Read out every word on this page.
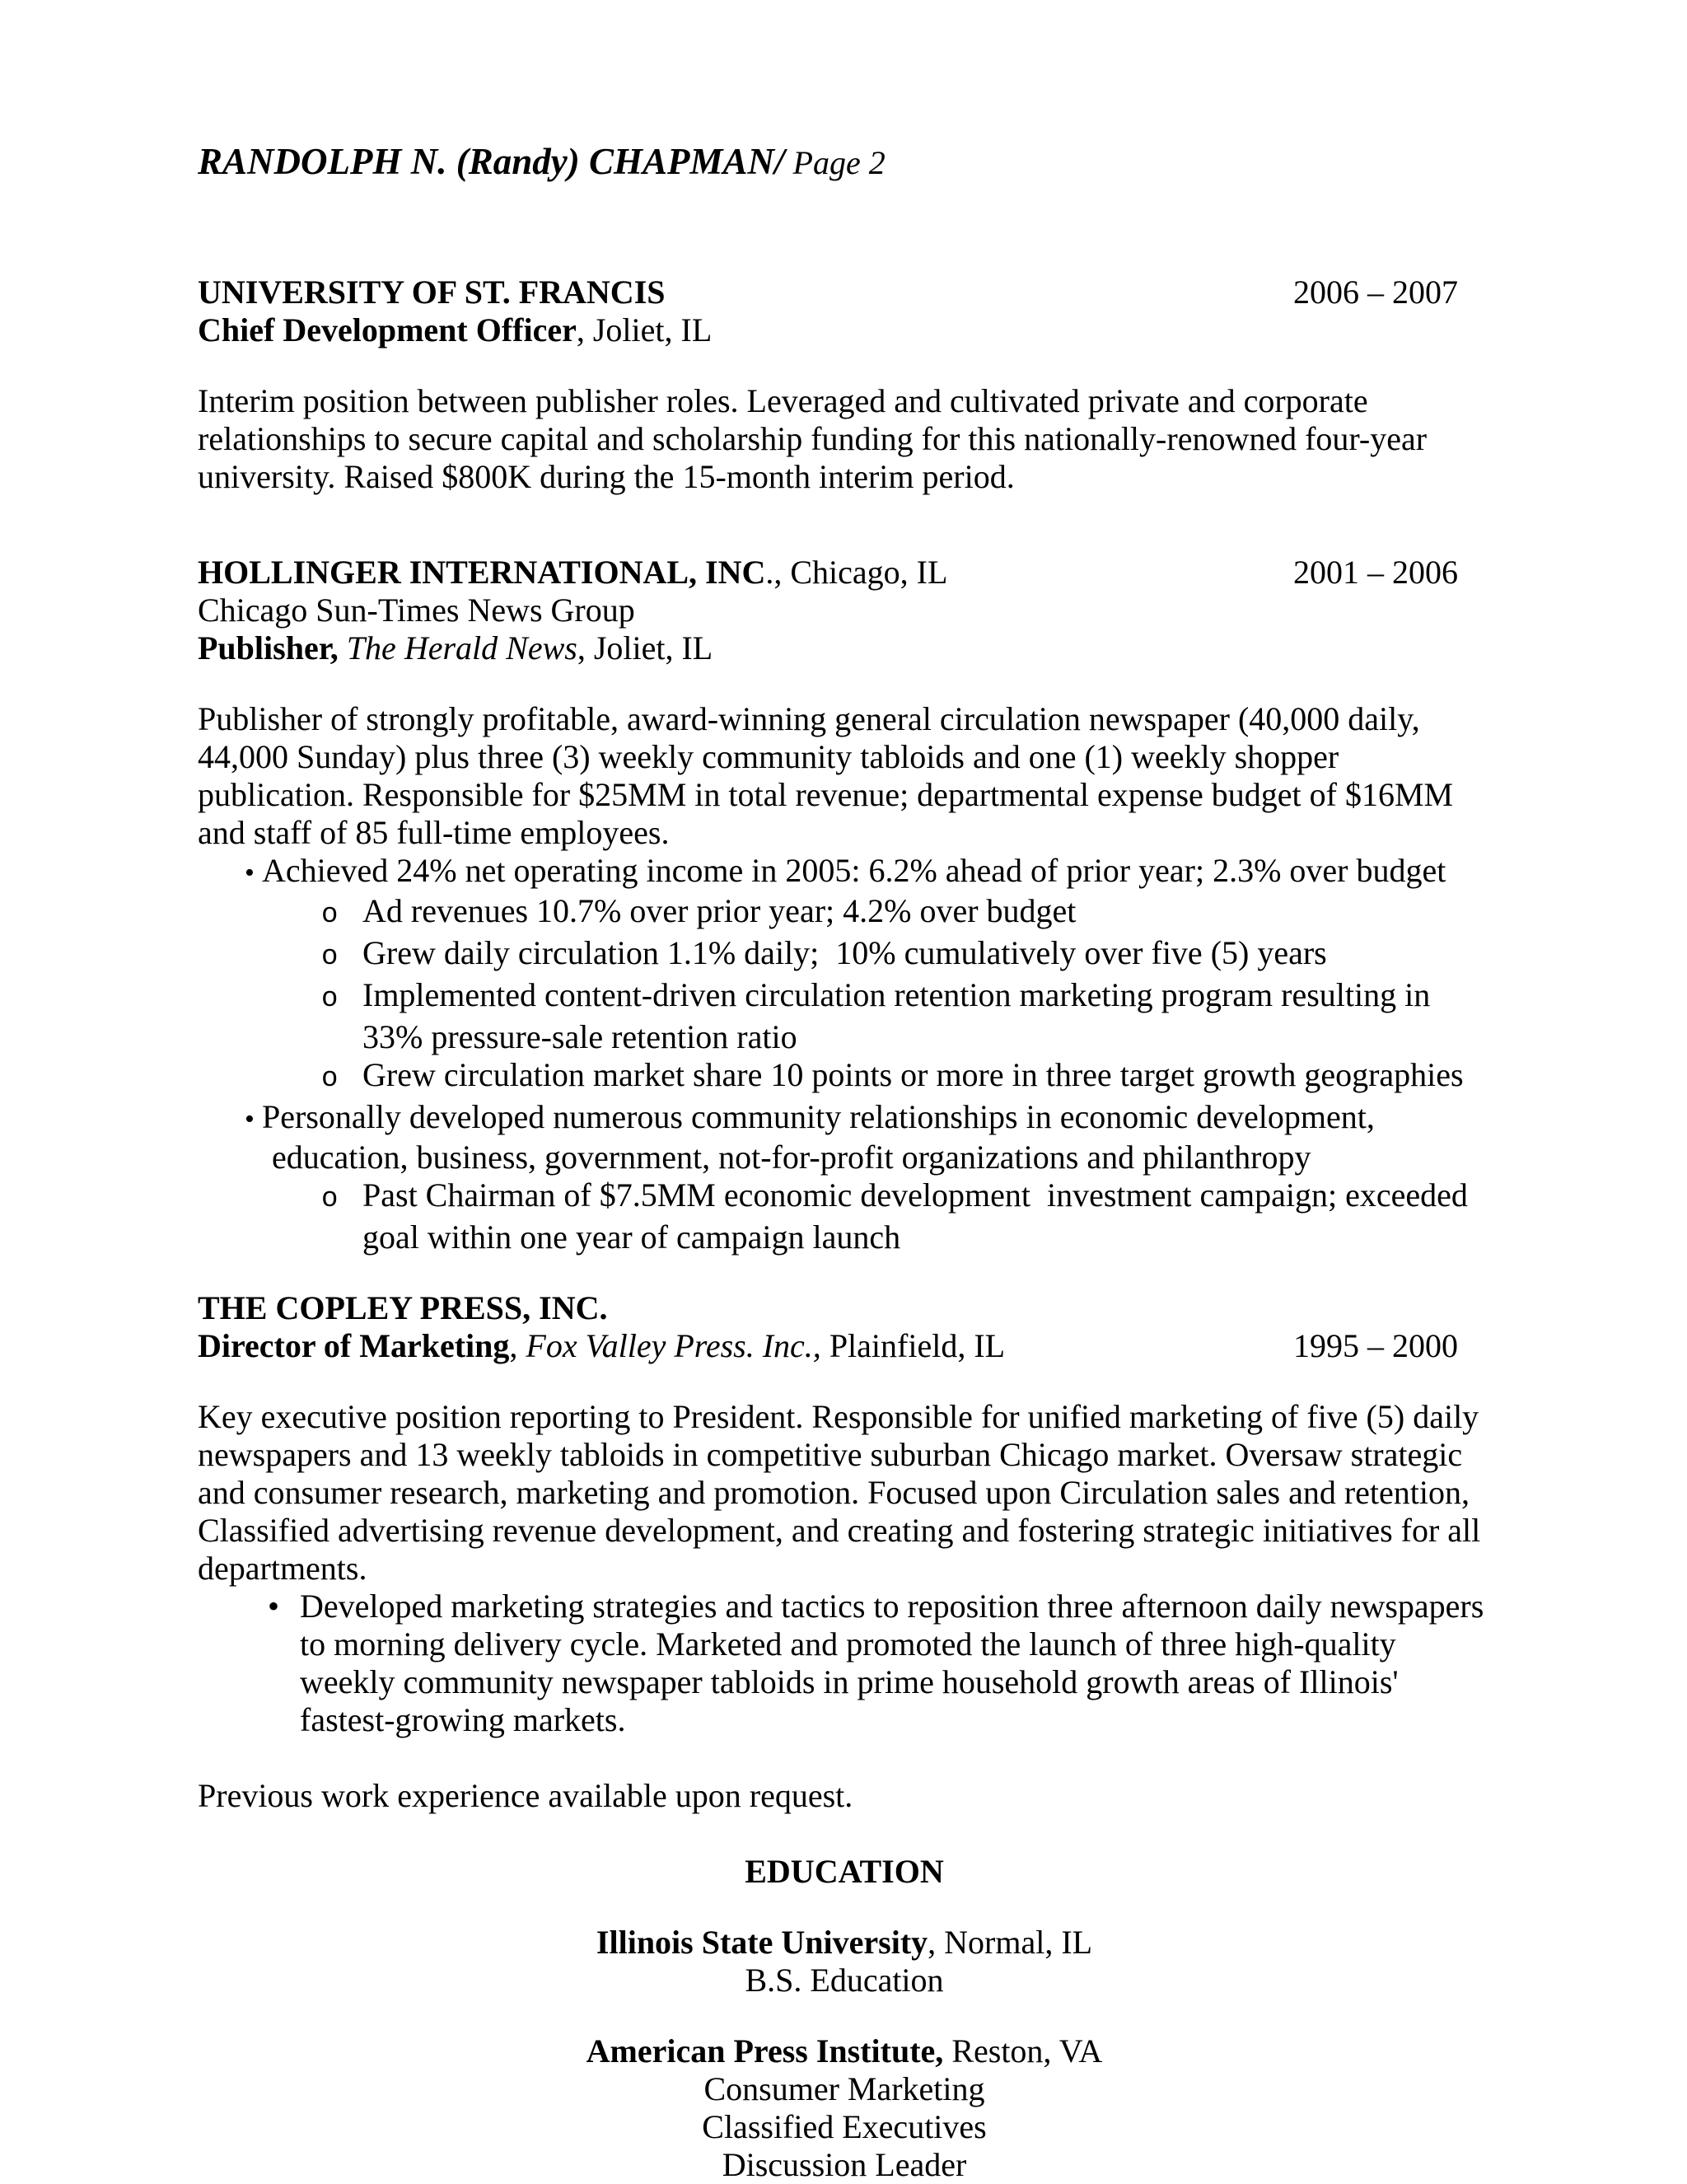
RANDOLPH N. (Randy) CHAPMAN/ Page 2
UNIVERSITY OF ST. FRANCIS	2006 – 2007
Chief Development Officer, Joliet, IL

Interim position between publisher roles. Leveraged and cultivated private and corporate relationships to secure capital and scholarship funding for this nationally-renowned four-year university. Raised $800K during the 15-month interim period.

HOLLINGER INTERNATIONAL, INC., Chicago, IL	2001 – 2006
Chicago Sun-Times News Group
Publisher, The Herald News, Joliet, IL

Publisher of strongly profitable, award-winning general circulation newspaper (40,000 daily, 44,000 Sunday) plus three (3) weekly community tabloids and one (1) weekly shopper publication. Responsible for $25MM in total revenue; departmental expense budget of $16MM and staff of 85 full-time employees.

• Achieved 24% net operating income in 2005: 6.2% ahead of prior year; 2.3% over budget
o Ad revenues 10.7% over prior year; 4.2% over budget
o Grew daily circulation 1.1% daily;  10% cumulatively over five (5) years
o Implemented content-driven circulation retention marketing program resulting in 33% pressure-sale retention ratio
o Grew circulation market share 10 points or more in three target growth geographies
• Personally developed numerous community relationships in economic development, education, business, government, not-for-profit organizations and philanthropy
o Past Chairman of $7.5MM economic development  investment campaign; exceeded goal within one year of campaign launch
THE COPLEY PRESS, INC.
Director of Marketing, Fox Valley Press. Inc., Plainfield, IL	1995 – 2000

Key executive position reporting to President. Responsible for unified marketing of five (5) daily newspapers and 13 weekly tabloids in competitive suburban Chicago market. Oversaw strategic and consumer research, marketing and promotion. Focused upon Circulation sales and retention, Classified advertising revenue development, and creating and fostering strategic initiatives for all departments.

• Developed marketing strategies and tactics to reposition three afternoon daily newspapers to morning delivery cycle. Marketed and promoted the launch of three high-quality weekly community newspaper tabloids in prime household growth areas of Illinois' fastest-growing markets.
Previous work experience available upon request.
EDUCATION
Illinois State University, Normal, IL
B.S. Education
American Press Institute, Reston, VA
Consumer Marketing
Classified Executives
Discussion Leader
